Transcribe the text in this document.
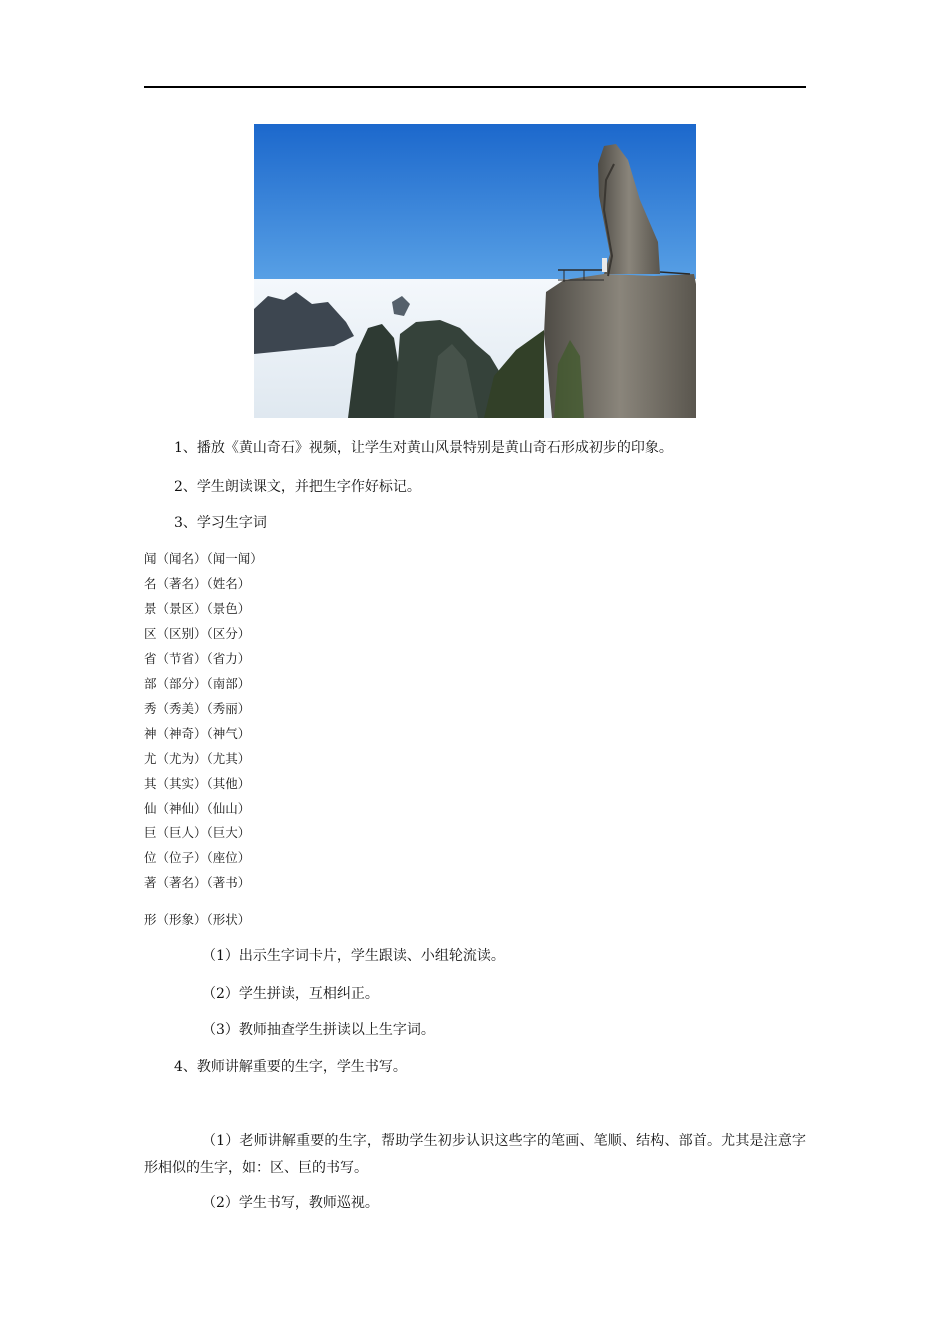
1、播放《黄山奇石》视频，让学生对黄山风景特别是黄山奇石形成初步的印象。
2、学生朗读课文，并把生字作好标记。
3、学习生字词
闻（闻名）（闻一闻）
名（著名）（姓名）
景（景区）（景色）
区（区别）（区分）
省（节省）（省力）
部（部分）（南部）
秀（秀美）（秀丽）
神（神奇）（神气）
尤（尤为）（尤其）
其（其实）（其他）
仙（神仙）（仙山）
巨（巨人）（巨大）
位（位子）（座位）
著（著名）（著书）
形（形象）（形状）
（1）出示生字词卡片，学生跟读、小组轮流读。
（2）学生拼读，互相纠正。
（3）教师抽查学生拼读以上生字词。
4、教师讲解重要的生字，学生书写。
（1）老师讲解重要的生字，帮助学生初步认识这些字的笔画、笔顺、结构、部首。尤其是注意字形相似的生字，如：区、巨的书写。
（2）学生书写，教师巡视。
